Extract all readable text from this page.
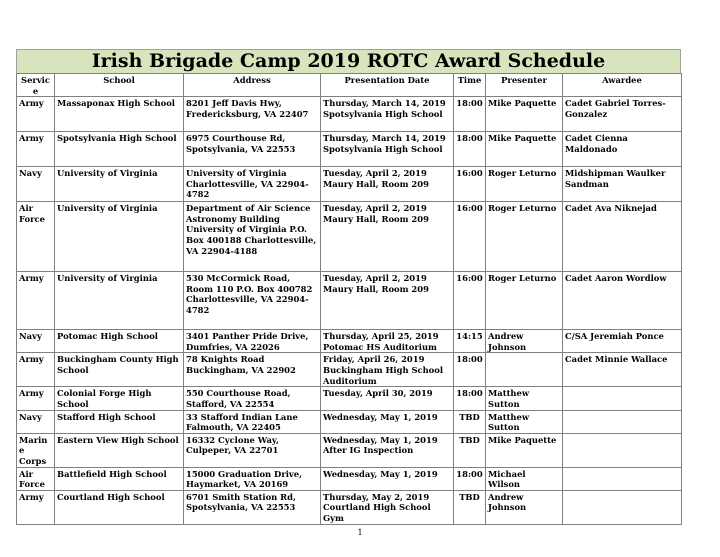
Irish Brigade Camp 2019 ROTC Award Schedule
Service	School	Address	Presentation Date	Time	Presenter	Awardee
Army	Massaponax High School	8201 Jeff Davis Hwy, Fredericksburg, VA 22407	Thursday, March 14, 2019 Spotsylvania High School	18:00	Mike Paquette	Cadet Gabriel Torres-Gonzalez
Army	Spotsylvania High School	6975 Courthouse Rd, Spotsylvania, VA 22553	Thursday, March 14, 2019 Spotsylvania High School	18:00	Mike Paquette	Cadet Cienna Maldonado
Navy	University of Virginia	University of Virginia Charlottesville, VA 22904-4782	Tuesday, April 2, 2019 Maury Hall, Room 209	16:00	Roger Leturno	Midshipman Waulker Sandman
Air Force	University of Virginia	Department of Air Science Astronomy Building University of Virginia P.O. Box 400188 Charlottesville, VA 22904-4188	Tuesday, April 2, 2019 Maury Hall, Room 209	16:00	Roger Leturno	Cadet Ava Niknejad
Army	University of Virginia	530 McCormick Road, Room 110 P.O. Box 400782 Charlottesville, VA 22904-4782	Tuesday, April 2, 2019 Maury Hall, Room 209	16:00	Roger Leturno	Cadet Aaron Wordlow
Navy	Potomac High School	3401 Panther Pride Drive, Dumfries, VA 22026	Thursday, April 25, 2019 Potomac HS Auditorium	14:15	Andrew Johnson	C/SA Jeremiah Ponce
Army	Buckingham County High School	78 Knights Road Buckingham, VA 22902	Friday, April 26, 2019 Buckingham High School Auditorium	18:00		Cadet Minnie Wallace
Army	Colonial Forge High School	550 Courthouse Road, Stafford, VA 22554	Tuesday, April 30, 2019	18:00	Matthew Sutton	
Navy	Stafford High School	33 Stafford Indian Lane Falmouth, VA 22405	Wednesday, May 1, 2019	TBD	Matthew Sutton	
Marine Corps	Eastern View High School	16332 Cyclone Way, Culpeper, VA 22701	Wednesday, May 1, 2019 After IG Inspection	TBD	Mike Paquette	
Air Force	Battlefield High School	15000 Graduation Drive, Haymarket, VA 20169	Wednesday, May 1, 2019	18:00	Michael Wilson	
Army	Courtland High School	6701 Smith Station Rd, Spotsylvania, VA 22553	Thursday, May 2, 2019 Courtland High School Gym	TBD	Andrew Johnson	
1
